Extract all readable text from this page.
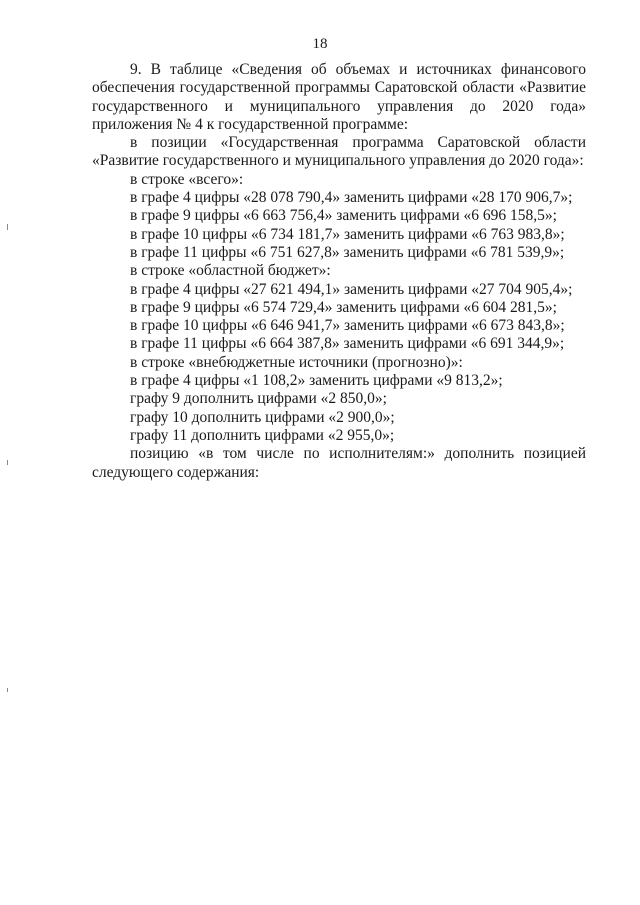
18

9. В таблице «Сведения об объемах и источниках финансового обеспечения государственной программы Саратовской области «Развитие государственного и муниципального управления до 2020 года» приложения № 4 к государственной программе:

в позиции «Государственная программа Саратовской области «Развитие государственного и муниципального управления до 2020 года»:

в строке «всего»:

в графе 4 цифры «28 078 790,4» заменить цифрами «28 170 906,7»;

в графе 9 цифры «6 663 756,4» заменить цифрами «6 696 158,5»;

в графе 10 цифры «6 734 181,7» заменить цифрами «6 763 983,8»;

в графе 11 цифры «6 751 627,8» заменить цифрами «6 781 539,9»;

в строке «областной бюджет»:

в графе 4 цифры «27 621 494,1» заменить цифрами «27 704 905,4»;

в графе 9 цифры «6 574 729,4» заменить цифрами «6 604 281,5»;

в графе 10 цифры «6 646 941,7» заменить цифрами «6 673 843,8»;

в графе 11 цифры «6 664 387,8» заменить цифрами «6 691 344,9»;

в строке «внебюджетные источники (прогнозно)»:

в графе 4 цифры «1 108,2» заменить цифрами «9 813,2»;

графу 9 дополнить цифрами «2 850,0»;

графу 10 дополнить цифрами «2 900,0»;

графу 11 дополнить цифрами «2 955,0»;

позицию «в том числе по исполнителям:» дополнить позицией следующего содержания:
